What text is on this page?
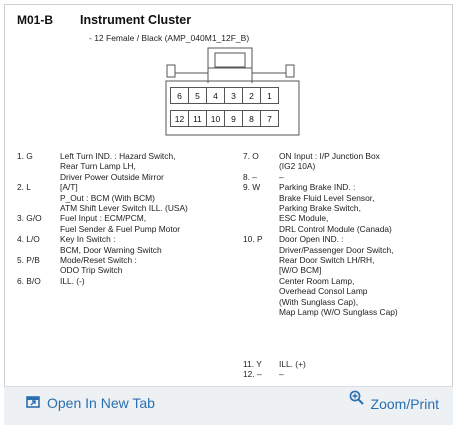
M01-B Instrument Cluster
- 12 Female / Black (AMP_040M1_12F_B)
6	5	4	3	2	1
12	11	10	9	8	7
1. G	Left Turn IND. : Hazard Switch,
Rear Turn Lamp LH,
Driver Power Outside Mirror
2. L	[A/T]
P_Out : BCM (With BCM)
ATM Shift Lever Switch ILL. (USA)
3. G/O Fuel Input : ECM/PCM,
Fuel Sender & Fuel Pump Motor
4. L/O Key In Switch :
BCM, Door Warning Switch
5. P/B Mode/Reset Switch :
ODO Trip Switch
6. B/O ILL. (-)
7. O ON Input : I/P Junction Box
(IG2 10A)
8. –	–
9. W Parking Brake IND. :
Brake Fluid Level Sensor,
Parking Brake Switch,
ESC Module,
DRL Control Module (Canada)
10. P Door Open IND. :
Driver/Passenger Door Switch,
Rear Door Switch LH/RH,
[W/O BCM]
Center Room Lamp,
Overhead Consol Lamp
(With Sunglass Cap),
Map Lamp (W/O Sunglass Cap)
11. Y ILL. (+)
12. – –
Open In New Tab	Zoom/Print
